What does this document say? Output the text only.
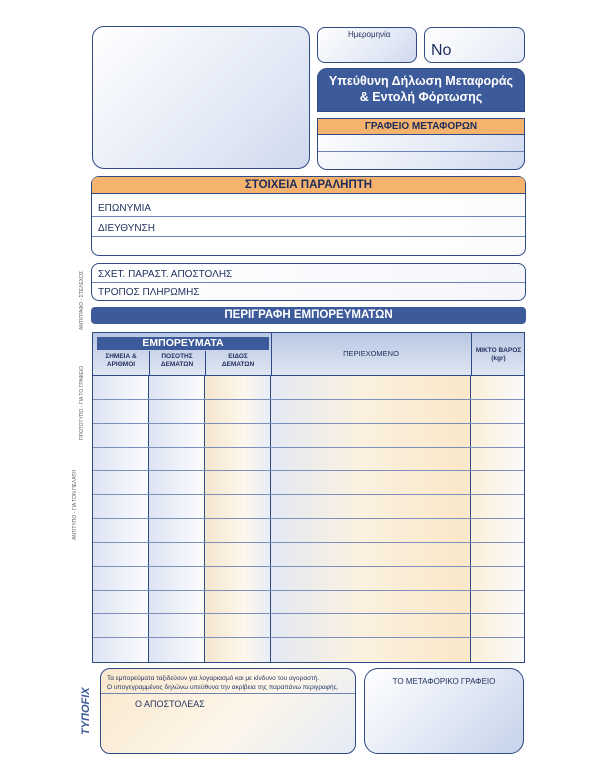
Ημερομηνία
No
Υπεύθυνη Δήλωση Μεταφοράς
& Εντολή Φόρτωσης
ΓΡΑΦΕΙΟ ΜΕΤΑΦΟΡΩΝ
ΣΤΟΙΧΕΙΑ ΠΑΡΑΛΗΠΤΗ
ΕΠΩΝΥΜΙΑ
ΔΙΕΥΘΥΝΣΗ
ΣΧΕΤ. ΠΑΡΑΣΤ. ΑΠΟΣΤΟΛΗΣ
ΤΡΟΠΟΣ ΠΛΗΡΩΜΗΣ
ΠΕΡΙΓΡΑΦΗ ΕΜΠΟΡΕΥΜΑΤΩΝ
ΕΜΠΟΡΕΥΜΑΤΑ
ΣΗΜΕΙΑ &
ΑΡΙΘΜΟΙ
ΠΟΣΟΤΗΣ
ΔΕΜΑΤΩΝ
ΕΙΔΟΣ
ΔΕΜΑΤΩΝ
ΠΕΡΙΕΧΟΜΕΝΟ	ΜΙΚΤΟ ΒΑΡΟΣ
(kgr)
Τα εμπορεύματα ταξιδεύουν για λογαριασμό και με κίνδυνο του αγοραστή.
Ο υπογεγραμμένος δηλώνω υπεύθυνα την ακρίβεια της παραπάνω περιγραφής.
Ο ΑΠΟΣΤΟΛΕΑΣ
ΤΟ ΜΕΤΑΦΟΡΙΚΟ ΓΡΑΦΕΙΟ
ΤΥΠΟFIX
ΑΝΤΙΤΥΠΟ - ΓΙΑ ΤΟΝ ΠΕΛΑΤΗ
ΠΡΩΤΟΤΥΠΟ - ΓΙΑ ΤΟ ΓΡΑΦΕΙΟ
ΑΝΤΙΓΡΑΦΟ - ΣΤΕΛΕΧΟΣ
